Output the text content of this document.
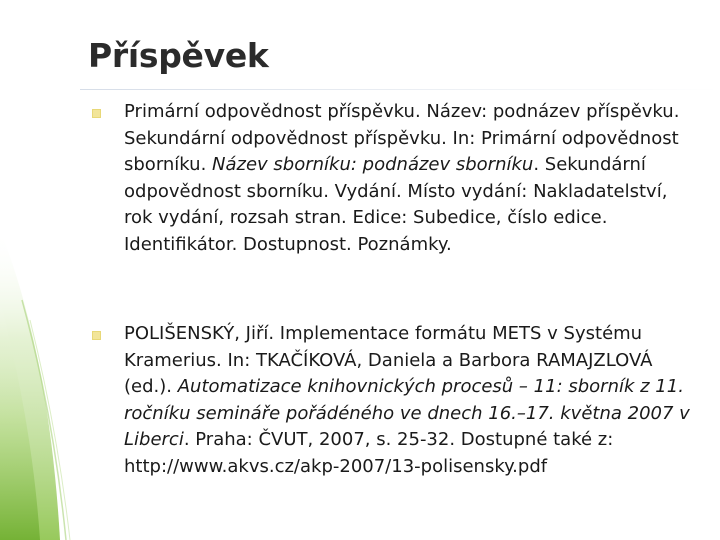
Příspěvek

Primární odpovědnost příspěvku. Název: podnázev příspěvku. Sekundární odpovědnost příspěvku. In: Primární odpovědnost sborníku. Název sborníku: podnázev sborníku. Sekundární odpovědnost sborníku. Vydání. Místo vydání: Nakladatelství, rok vydání, rozsah stran. Edice: Subedice, číslo edice. Identifikátor. Dostupnost. Poznámky.

POLIŠENSKÝ, Jiří. Implementace formátu METS v Systému Kramerius. In: TKAČÍKOVÁ, Daniela a Barbora RAMAJZLOVÁ (ed.). Automatizace knihovnických procesů – 11: sborník z 11. ročníku semináře pořádéného ve dnech 16.–17. května 2007 v Liberci. Praha: ČVUT, 2007, s. 25-32. Dostupné také z: http://www.akvs.cz/akp-2007/13-polisensky.pdf
